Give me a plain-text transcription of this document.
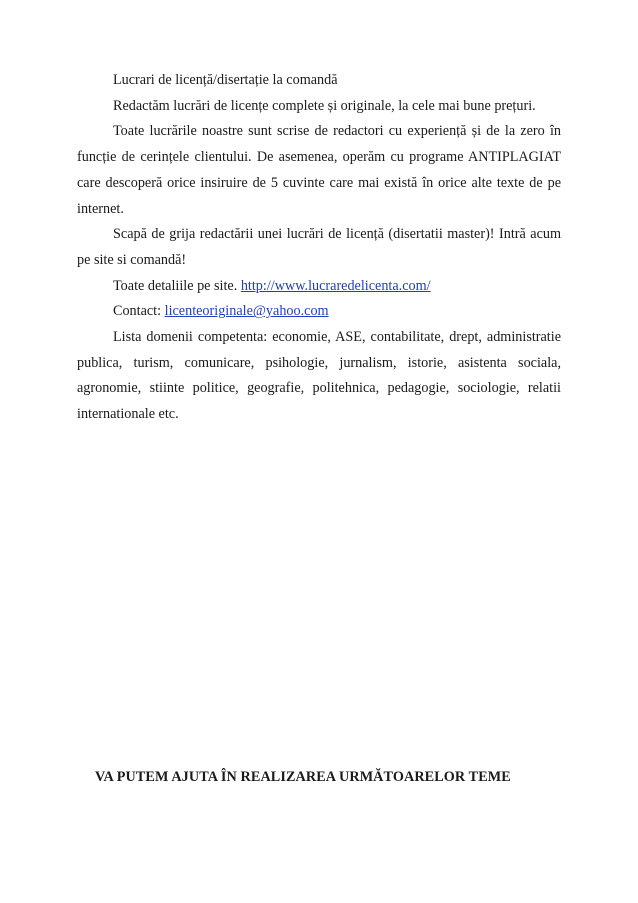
Lucrari de licență/disertație la comandă

Redactăm lucrări de licențe complete și originale, la cele mai bune prețuri.

Toate lucrările noastre sunt scrise de redactori cu experiență și de la zero în funcție de cerințele clientului. De asemenea, operăm cu programe ANTIPLAGIAT care descoperă orice insiruire de 5 cuvinte care mai există în orice alte texte de pe internet.

Scapă de grija redactării unei lucrări de licență (disertatii master)! Intră acum pe site si comandă!

Toate detaliile pe site. http://www.lucraredelicenta.com/

Contact: licenteoriginale@yahoo.com

Lista domenii competenta: economie, ASE, contabilitate, drept, administratie publica, turism, comunicare, psihologie, jurnalism, istorie, asistenta sociala, agronomie, stiinte politice, geografie, politehnica, pedagogie, sociologie, relatii internationale etc.

VA PUTEM AJUTA ÎN REALIZAREA URMĂTOARELOR TEME
